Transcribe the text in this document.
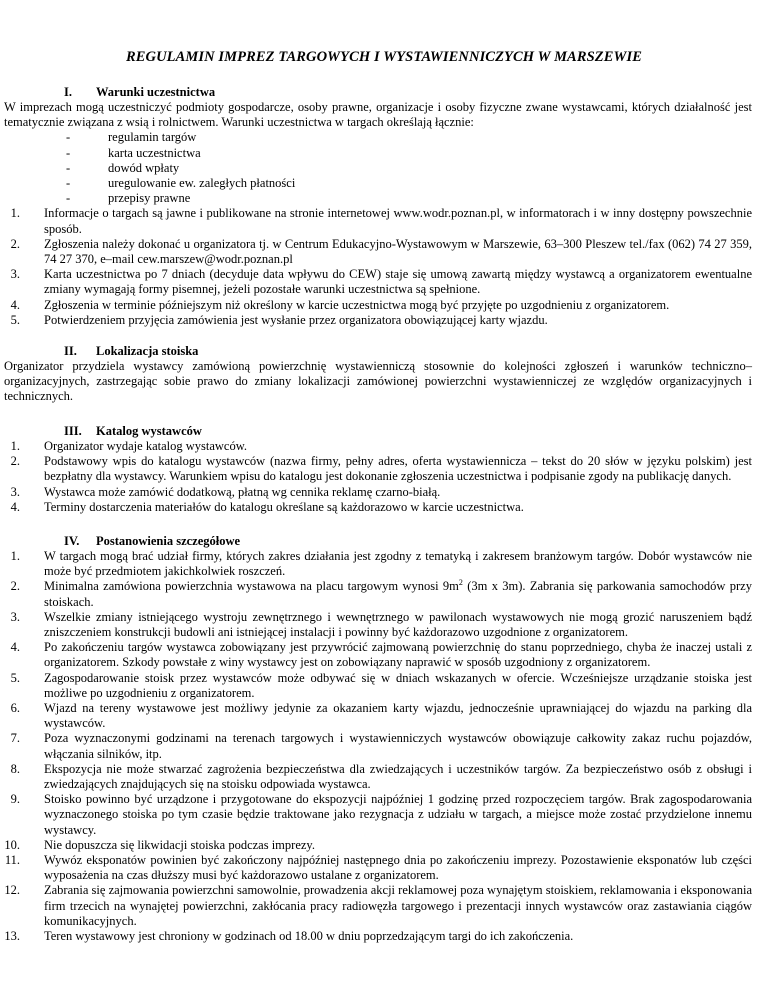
REGULAMIN IMPREZ TARGOWYCH I WYSTAWIENNICZYCH W MARSZEWIE
I.	Warunki uczestnictwa

W imprezach mogą uczestniczyć podmioty gospodarcze, osoby prawne, organizacje i osoby fizyczne zwane wystawcami, których działalność jest tematycznie związana z wsią i rolnictwem. Warunki uczestnictwa w targach określają łącznie:

- regulamin targów
- karta uczestnictwa
- dowód wpłaty
- uregulowanie ew. zaległych płatności
- przepisy prawne
1. Informacje o targach są jawne i publikowane na stronie internetowej www.wodr.poznan.pl, w informatorach i w inny dostępny powszechnie sposób.
2. Zgłoszenia należy dokonać u organizatora tj. w Centrum Edukacyjno-Wystawowym w Marszewie, 63–300 Pleszew tel./fax (062) 74 27 359, 74 27 370, e–mail cew.marszew@wodr.poznan.pl
3. Karta uczestnictwa po 7 dniach (decyduje data wpływu do CEW) staje się umową zawartą między wystawcą a organizatorem ewentualne zmiany wymagają formy pisemnej, jeżeli pozostałe warunki uczestnictwa są spełnione.
4. Zgłoszenia w terminie późniejszym niż określony w karcie uczestnictwa mogą być przyjęte po uzgodnieniu z organizatorem.
5. Potwierdzeniem przyjęcia zamówienia jest wysłanie przez organizatora obowiązującej karty wjazdu.
II.	Lokalizacja stoiska

Organizator przydziela wystawcy zamówioną powierzchnię wystawienniczą stosownie do kolejności zgłoszeń i warunków techniczno–organizacyjnych, zastrzegając sobie prawo do zmiany lokalizacji zamówionej powierzchni wystawienniczej ze względów organizacyjnych i technicznych.

III.	Katalog wystawców
1. Organizator wydaje katalog wystawców.
2. Podstawowy wpis do katalogu wystawców (nazwa firmy, pełny adres, oferta wystawiennicza – tekst do 20 słów w języku polskim) jest bezpłatny dla wystawcy. Warunkiem wpisu do katalogu jest dokonanie zgłoszenia uczestnictwa i podpisanie zgody na publikację danych.
3. Wystawca może zamówić dodatkową, płatną wg cennika reklamę czarno-białą.
4. Terminy dostarczenia materiałów do katalogu określane są każdorazowo w karcie uczestnictwa.
IV.	Postanowienia szczegółowe
1. W targach mogą brać udział firmy, których zakres działania jest zgodny z tematyką i zakresem branżowym targów. Dobór wystawców nie może być przedmiotem jakichkolwiek roszczeń.
2. Minimalna zamówiona powierzchnia wystawowa na placu targowym wynosi $9m^2$ (3m x 3m). Zabrania się parkowania samochodów przy stoiskach.
3. Wszelkie zmiany istniejącego wystroju zewnętrznego i wewnętrznego w pawilonach wystawowych nie mogą grozić naruszeniem bądź zniszczeniem konstrukcji budowli ani istniejącej instalacji i powinny być każdorazowo uzgodnione z organizatorem.
4. Po zakończeniu targów wystawca zobowiązany jest przywrócić zajmowaną powierzchnię do stanu poprzedniego, chyba że inaczej ustali z organizatorem. Szkody powstałe z winy wystawcy jest on zobowiązany naprawić w sposób uzgodniony z organizatorem.
5. Zagospodarowanie stoisk przez wystawców może odbywać się w dniach wskazanych w ofercie. Wcześniejsze urządzanie stoiska jest możliwe po uzgodnieniu z organizatorem.
6. Wjazd na tereny wystawowe jest możliwy jedynie za okazaniem karty wjazdu, jednocześnie uprawniającej do wjazdu na parking dla wystawców.
7. Poza wyznaczonymi godzinami na terenach targowych i wystawienniczych wystawców obowiązuje całkowity zakaz ruchu pojazdów, włączania silników, itp.
8. Ekspozycja nie może stwarzać zagrożenia bezpieczeństwa dla zwiedzających i uczestników targów. Za bezpieczeństwo osób z obsługi i zwiedzających znajdujących się na stoisku odpowiada wystawca.
9. Stoisko powinno być urządzone i przygotowane do ekspozycji najpóźniej 1 godzinę przed rozpoczęciem targów. Brak zagospodarowania wyznaczonego stoiska po tym czasie będzie traktowane jako rezygnacja z udziału w targach, a miejsce może zostać przydzielone innemu wystawcy.
10. Nie dopuszcza się likwidacji stoiska podczas imprezy.
11. Wywóz eksponatów powinien być zakończony najpóźniej następnego dnia po zakończeniu imprezy. Pozostawienie eksponatów lub części wyposażenia na czas dłuższy musi być każdorazowo ustalane z organizatorem.
12. Zabrania się zajmowania powierzchni samowolnie, prowadzenia akcji reklamowej poza wynajętym stoiskiem, reklamowania i eksponowania firm trzecich na wynajętej powierzchni, zakłócania pracy radiowęzła targowego i prezentacji innych wystawców oraz zastawiania ciągów komunikacyjnych.
13. Teren wystawowy jest chroniony w godzinach od 18.00 w dniu poprzedzającym targi do ich zakończenia.
